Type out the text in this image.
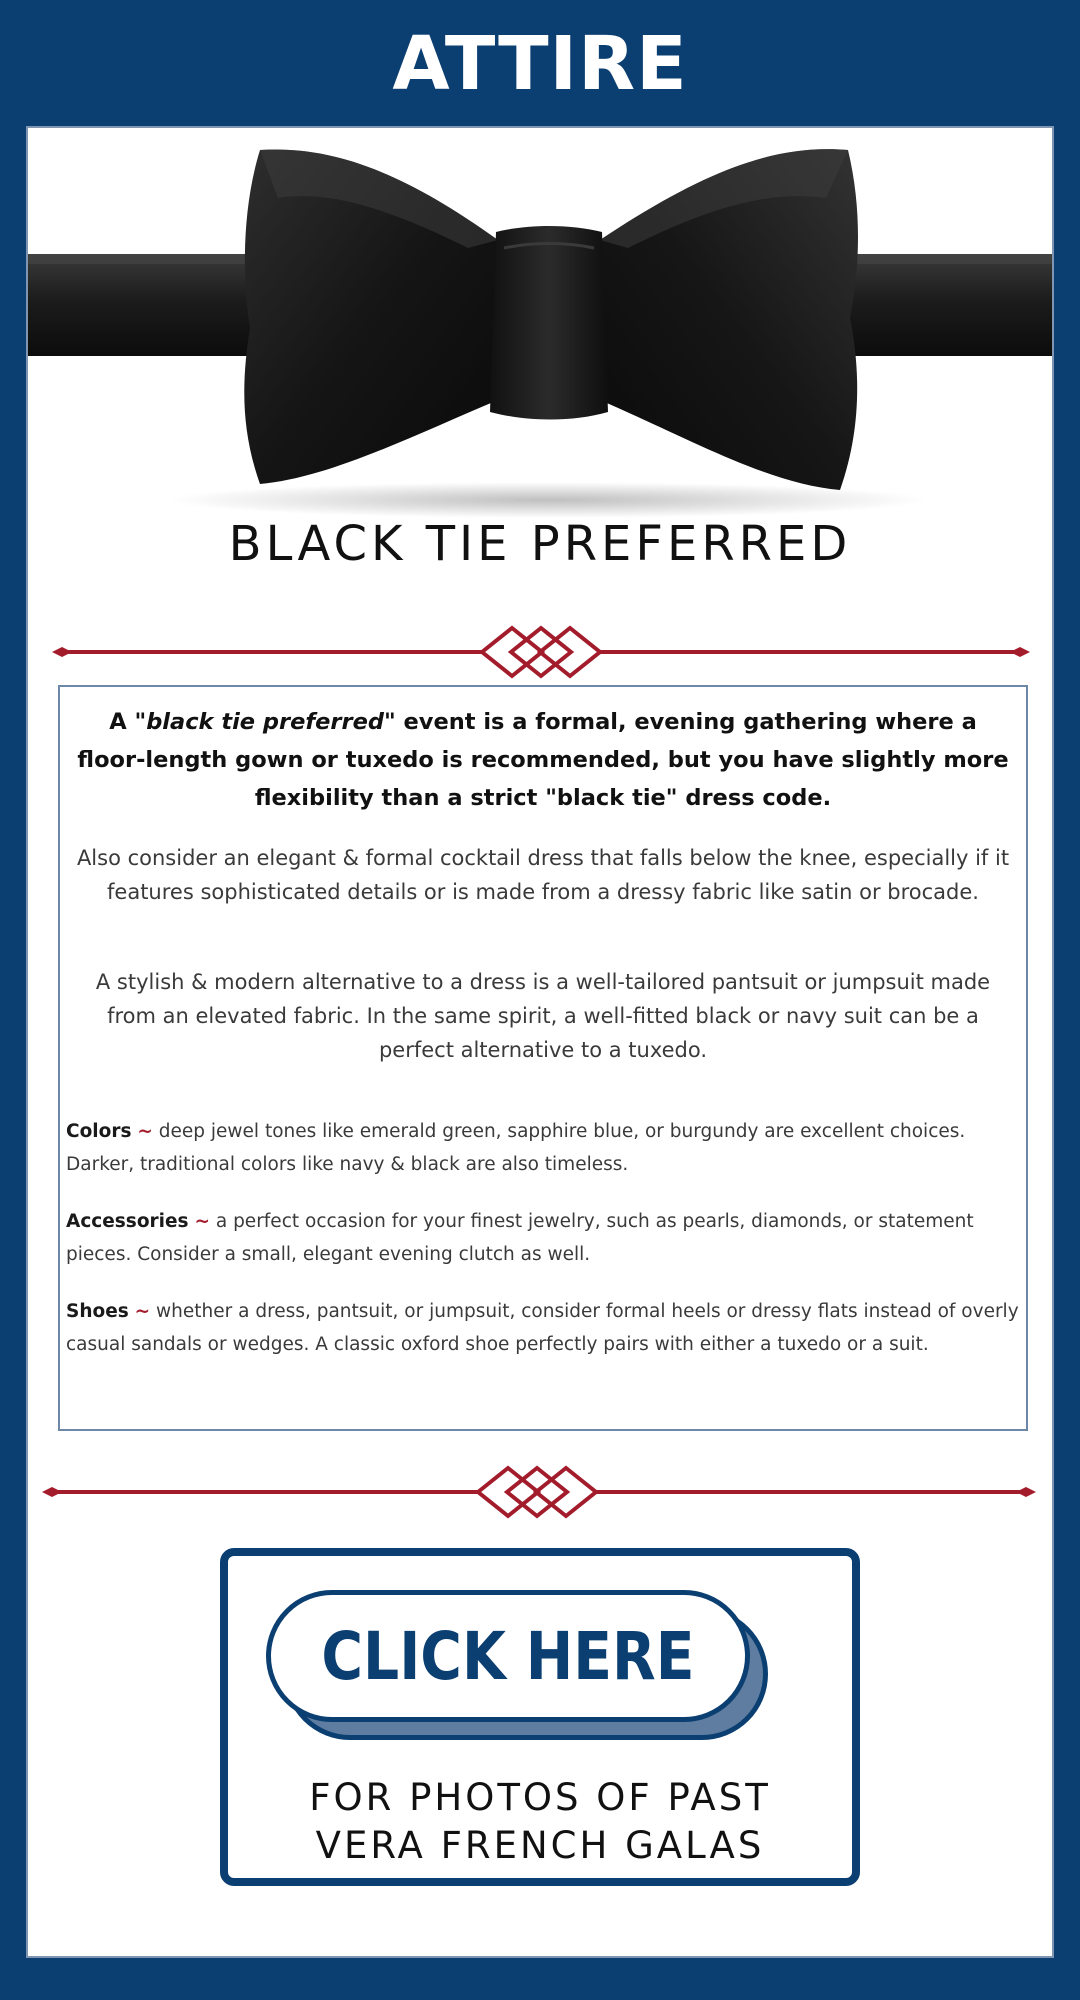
ATTIRE
BLACK TIE PREFERRED
A "black tie preferred" event is a formal, evening gathering where a floor-length gown or tuxedo is recommended, but you have slightly more flexibility than a strict "black tie" dress code.
Also consider an elegant & formal cocktail dress that falls below the knee, especially if it features sophisticated details or is made from a dressy fabric like satin or brocade.
A stylish & modern alternative to a dress is a well-tailored pantsuit or jumpsuit made from an elevated fabric. In the same spirit, a well-fitted black or navy suit can be a perfect alternative to a tuxedo.
Colors ~ deep jewel tones like emerald green, sapphire blue, or burgundy are excellent choices. Darker, traditional colors like navy & black are also timeless.
Accessories ~ a perfect occasion for your finest jewelry, such as pearls, diamonds, or statement pieces. Consider a small, elegant evening clutch as well.
Shoes ~ whether a dress, pantsuit, or jumpsuit, consider formal heels or dressy flats instead of overly casual sandals or wedges. A classic oxford shoe perfectly pairs with either a tuxedo or a suit.
CLICK HERE
FOR PHOTOS OF PAST
VERA FRENCH GALAS
